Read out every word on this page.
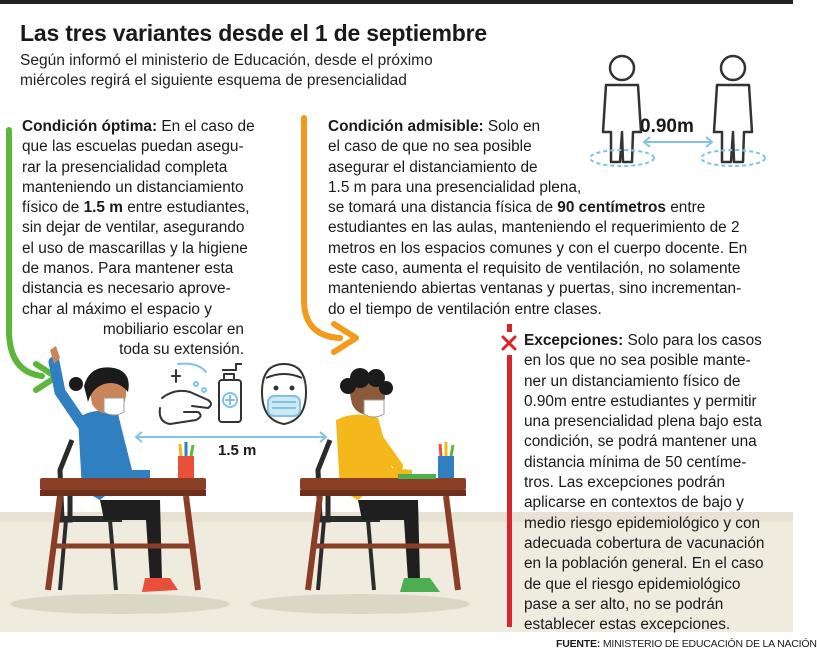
Las tres variantes desde el 1 de septiembre
Según informó el ministerio de Educación, desde el próximo
miércoles regirá el siguiente esquema de presencialidad
0.90m
1.5 m
Condición óptima: En el caso de
que las escuelas puedan asegu-
rar la presencialidad completa
manteniendo un distanciamiento
físico de 1.5 m entre estudiantes,
sin dejar de ventilar, asegurando
el uso de mascarillas y la higiene
de manos. Para mantener esta
distancia es necesario aprove-
char al máximo el espacio y
mobiliario escolar en
toda su extensión.
Condición admisible: Solo en
el caso de que no sea posible
asegurar el distanciamiento de
1.5 m para una presencialidad plena,
se tomará una distancia física de 90 centímetros entre
estudiantes en las aulas, manteniendo el requerimiento de 2
metros en los espacios comunes y con el cuerpo docente. En
este caso, aumenta el requisito de ventilación, no solamente
manteniendo abiertas ventanas y puertas, sino incrementan-
do el tiempo de ventilación entre clases.
Excepciones: Solo para los casos
en los que no sea posible mante-
ner un distanciamiento físico de
0.90m entre estudiantes y permitir
una presencialidad plena bajo esta
condición, se podrá mantener una
distancia mínima de 50 centíme-
tros. Las excepciones podrán
aplicarse en contextos de bajo y
medio riesgo epidemiológico y con
adecuada cobertura de vacunación
en la población general. En el caso
de que el riesgo epidemiológico
pase a ser alto, no se podrán
establecer estas excepciones.
FUENTE: MINISTERIO DE EDUCACIÓN DE LA NACIÓN
